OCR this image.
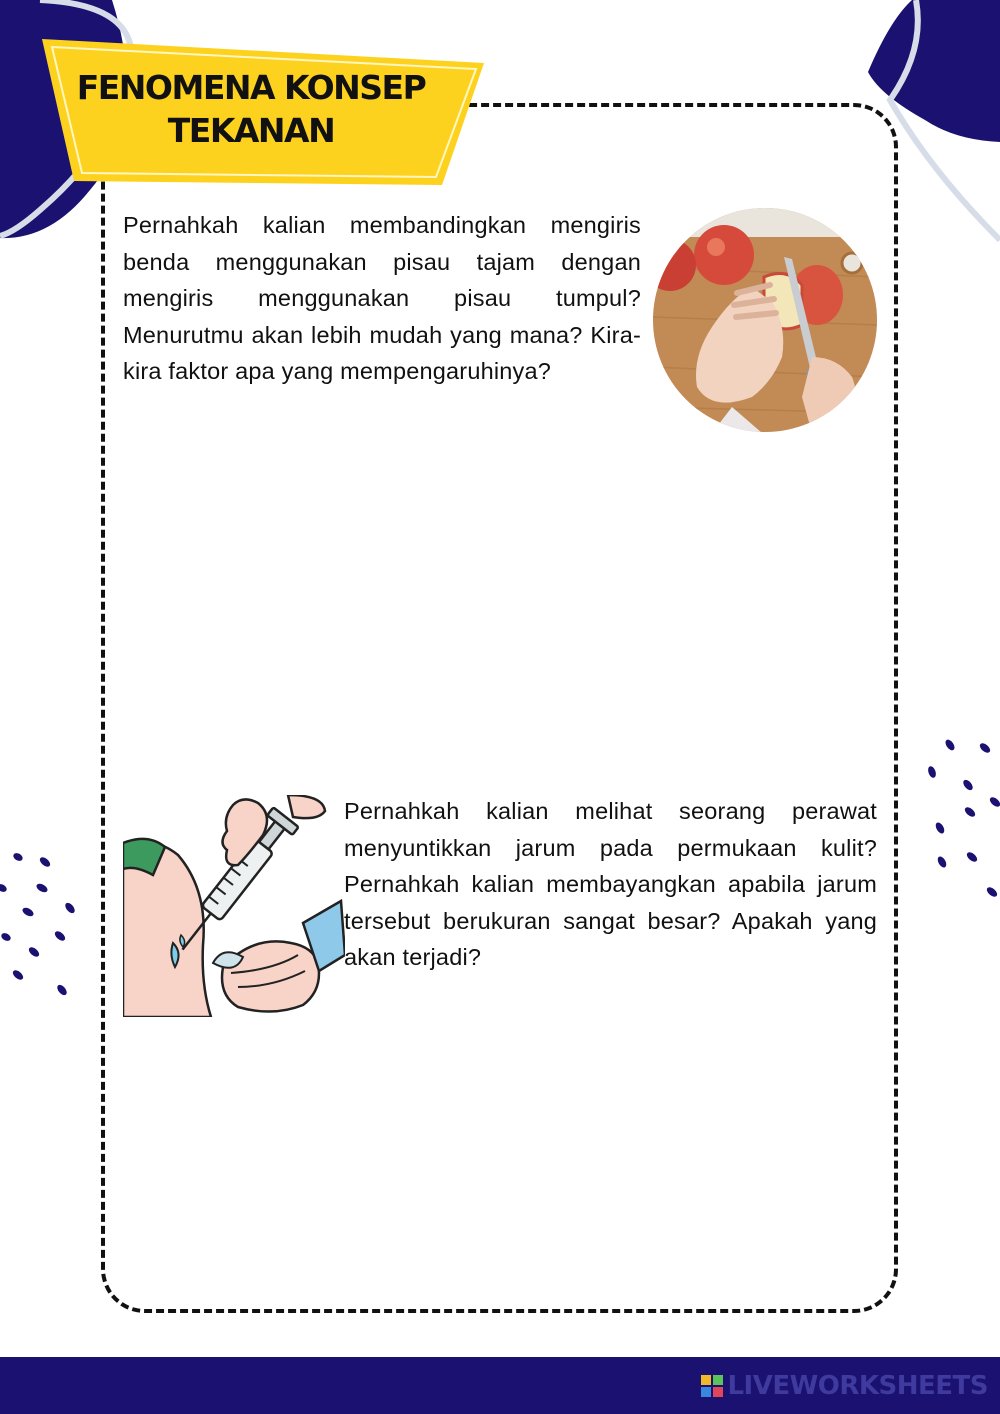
FENOMENA KONSEP
TEKANAN

Pernahkah kalian membandingkan mengiris benda menggunakan pisau tajam dengan mengiris menggunakan pisau tumpul? Menurutmu akan lebih mudah yang mana? Kira-kira faktor apa yang mempengaruhinya?

Pernahkah kalian melihat seorang perawat menyuntikkan jarum pada permukaan kulit? Pernahkah kalian membayangkan apabila jarum tersebut berukuran sangat besar? Apakah yang akan terjadi?

LIVEWORKSHEETS
